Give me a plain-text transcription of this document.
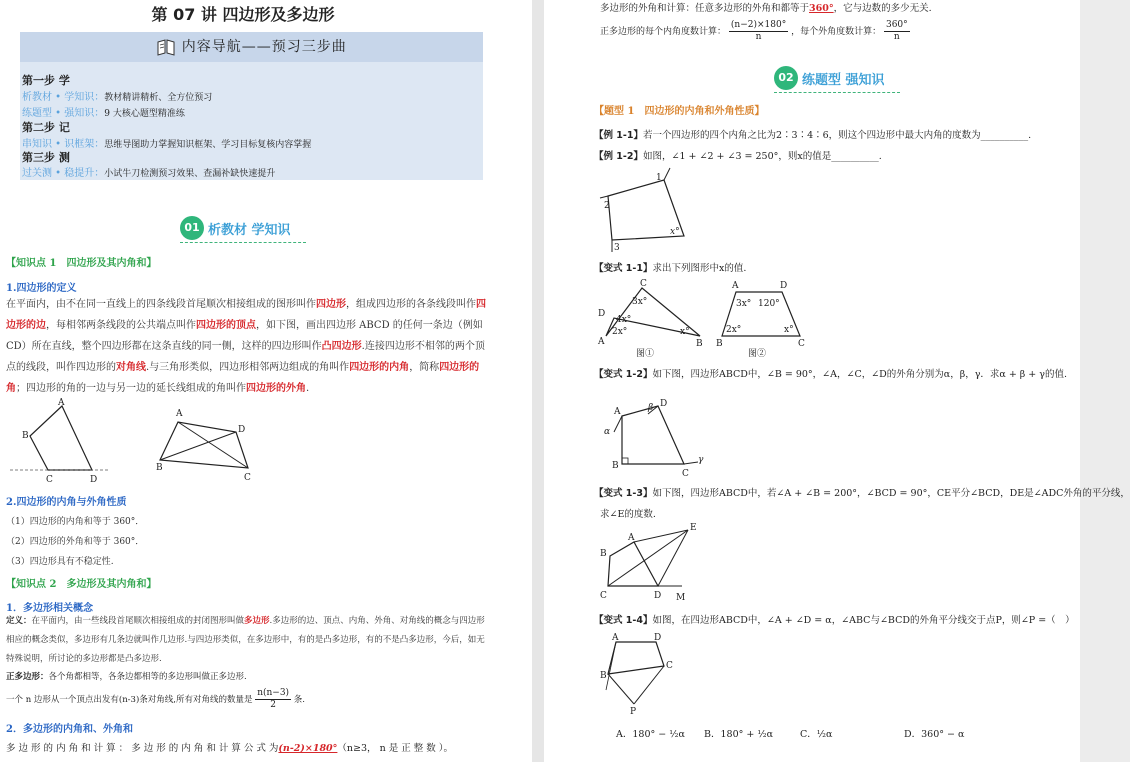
第 07 讲 四边形及多边形
内容导航——预习三步曲
第一步 学
析教材 • 学知识：教材精讲精析、全方位预习
练题型 • 强知识：9 大核心题型精准练
第二步 记
串知识 • 识框架：思维导图助力掌握知识框架、学习目标复核内容掌握
第三步 测
过关测 • 稳提升：小试牛刀检测预习效果、查漏补缺快速提升
01 析教材 学知识
【知识点 1　四边形及其内角和】
1.四边形的定义
在平面内，由不在同一直线上的四条线段首尾顺次相接组成的图形叫作四边形，组成四边形的各条线段叫作四边形的边，每相邻两条线段的公共端点叫作四边形的顶点，如下图，画出四边形 ABCD 的任何一条边（例如 CD）所在直线，整个四边形都在这条直线的同一侧，这样的四边形叫作凸四边形.连接四边形不相邻的两个顶点的线段，叫作四边形的对角线.与三角形类似，四边形相邻两边组成的角叫作四边形的内角，简称四边形的角；四边形的角的一边与另一边的延长线组成的角叫作四边形的外角.
A
B
C	D
A
B
C
D
2.四边形的内角与外角性质
（1）四边形的内角和等于 360°．
（2）四边形的外角和等于 360°．
（3）四边形具有不稳定性.
【知识点 2　多边形及其内角和】
1．多边形相关概念
定义：在平面内，由一些线段首尾顺次相接组成的封闭图形叫做多边形.多边形的边、顶点、内角、外角、对角线的概念与四边形相应的概念类似，多边形有几条边就叫作几边形.与四边形类似，在多边形中，有的是凸多边形，有的不是凸多边形，今后，如无特殊说明，所讨论的多边形都是凸多边形.
正多边形：各个角都相等，各条边都相等的多边形叫做正多边形.
一个 n 边形从一个顶点出发有(n-3)条对角线,所有对角线的数量是 $\frac{n(n-3)}{2}$ 条.
2．多边形的内角和、外角和
多 边 形 的 内 角 和 计 算 ： 多 边 形 的 内 角 和 计 算 公 式 为(n-2)×180°（n≥3， n 是 正 整 数 ）。
多边形的外角和计算：任意多边形的外角和都等于360°，它与边数的多少无关.
正多边形的每个内角度数计算： $\frac{(n-2)\times 180^\circ}{n}$ ，每个外角度数计算： $\frac{360^\circ}{n}$
02 练题型 强知识
【题型 1　四边形的内角和外角性质】
【例 1-1】若一个四边形的四个内角之比为2∶3∶4∶6，则这个四边形中最大内角的度数为__________.
【例 1-2】如图，∠1 + ∠2 + ∠3 = 250°，则x的值是__________.
1
2
3
x°
【变式 1-1】求出下列图形中x的值.
C
D
A	B
3x°
4x°
2x°	x°
A	D
B	C
3x° 120°
2x°	x°
图①	图②
【变式 1-2】如下图，四边形ABCD中，∠B = 90°，∠A，∠C，∠D的外角分别为α，β，γ．求α + β + γ的值.
A
α
β D
B
C
γ
【变式 1-3】如下图，四边形ABCD中，若∠A + ∠B = 200°，∠BCD = 90°，CE平分∠BCD，DE是∠ADC外角的平分线，
求∠E的度数.
B
A
E
C	D M
【变式 1-4】如图，在四边形ABCD中，∠A + ∠D = α，∠ABC与∠BCD的外角平分线交于点P，则∠P =（　）
A	D
C
B
P
A．180° − ½α B．180° + ½α	C．½α	D．360° − α
